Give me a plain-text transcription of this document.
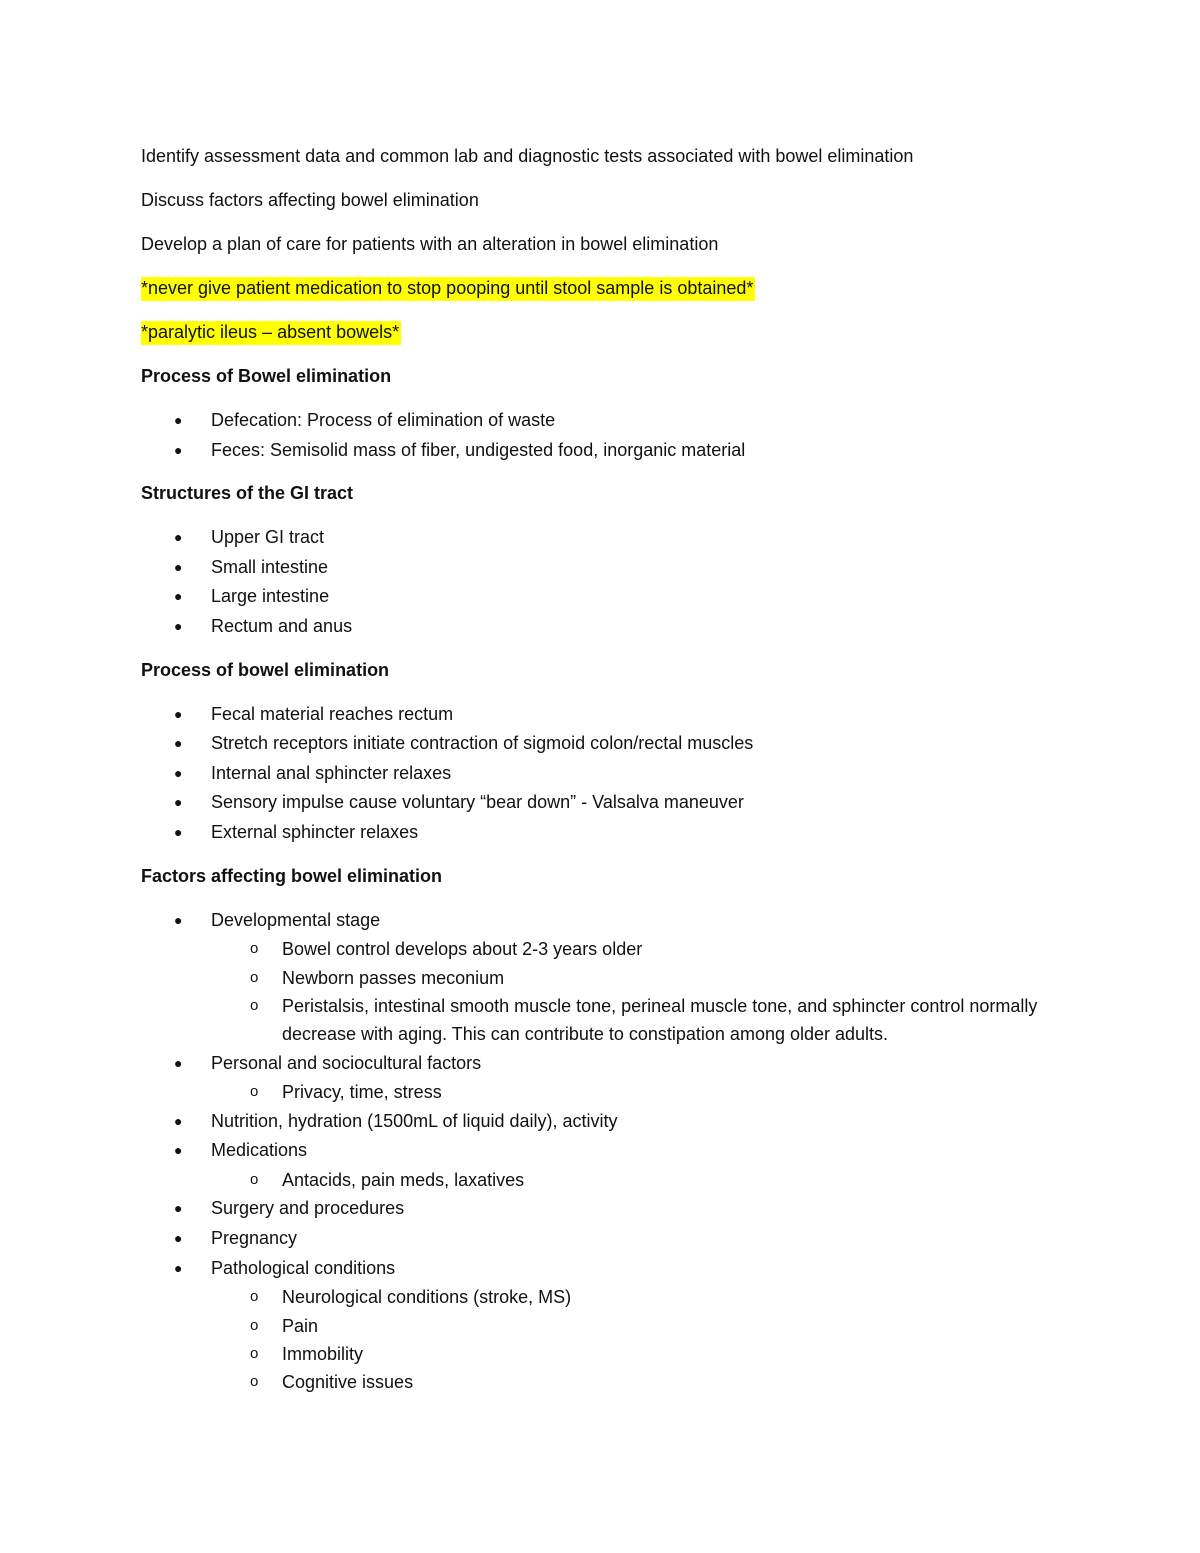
Identify assessment data and common lab and diagnostic tests associated with bowel elimination

Discuss factors affecting bowel elimination

Develop a plan of care for patients with an alteration in bowel elimination

*never give patient medication to stop pooping until stool sample is obtained*

*paralytic ileus – absent bowels*

Process of Bowel elimination

● Defecation: Process of elimination of waste
● Feces: Semisolid mass of fiber, undigested food, inorganic material

Structures of the GI tract

● Upper GI tract
● Small intestine
● Large intestine
● Rectum and anus

Process of bowel elimination

● Fecal material reaches rectum
● Stretch receptors initiate contraction of sigmoid colon/rectal muscles
● Internal anal sphincter relaxes
● Sensory impulse cause voluntary “bear down” - Valsalva maneuver
● External sphincter relaxes

Factors affecting bowel elimination

● Developmental stage
o Bowel control develops about 2-3 years older
o Newborn passes meconium
o Peristalsis, intestinal smooth muscle tone, perineal muscle tone, and sphincter control normally decrease with aging. This can contribute to constipation among older adults.
● Personal and sociocultural factors
o Privacy, time, stress
● Nutrition, hydration (1500mL of liquid daily), activity
● Medications
o Antacids, pain meds, laxatives
● Surgery and procedures
● Pregnancy
● Pathological conditions
o Neurological conditions (stroke, MS)
o Pain
o Immobility
o Cognitive issues
